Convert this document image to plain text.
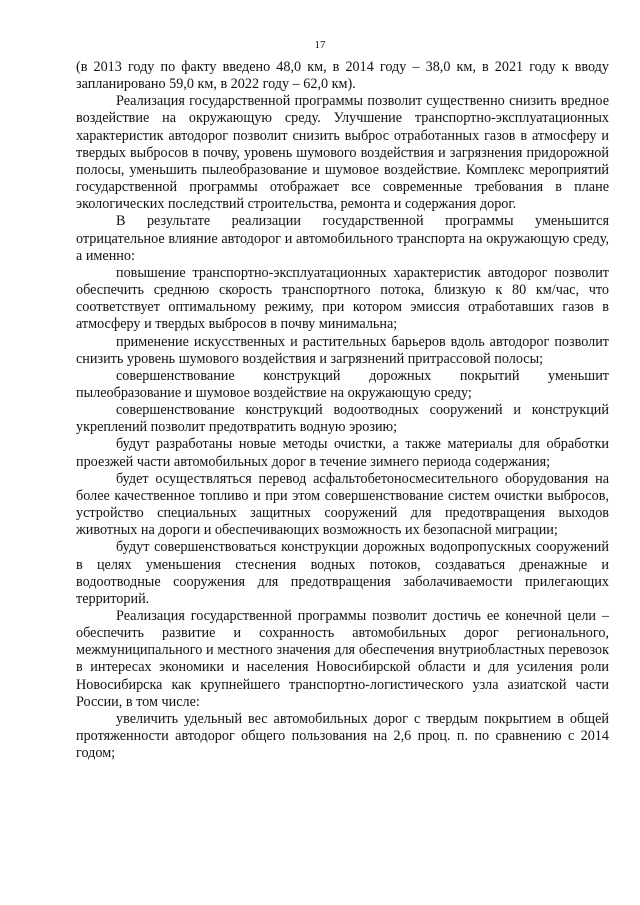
17

(в 2013 году по факту введено 48,0 км, в 2014 году – 38,0 км, в 2021 году к вводу запланировано 59,0 км, в 2022 году – 62,0 км).

Реализация государственной программы позволит существенно снизить вредное воздействие на окружающую среду. Улучшение транспортно-эксплуатационных характеристик автодорог позволит снизить выброс отработанных газов в атмосферу и твердых выбросов в почву, уровень шумового воздействия и загрязнения придорожной полосы, уменьшить пылеобразование и шумовое воздействие. Комплекс мероприятий государственной программы отображает все современные требования в плане экологических последствий строительства, ремонта и содержания дорог.

В результате реализации государственной программы уменьшится отрицательное влияние автодорог и автомобильного транспорта на окружающую среду, а именно:

повышение транспортно-эксплуатационных характеристик автодорог позволит обеспечить среднюю скорость транспортного потока, близкую к 80 км/час, что соответствует оптимальному режиму, при котором эмиссия отработавших газов в атмосферу и твердых выбросов в почву минимальна;

применение искусственных и растительных барьеров вдоль автодорог позволит снизить уровень шумового воздействия и загрязнений притрассовой полосы;

совершенствование конструкций дорожных покрытий уменьшит пылеобразование и шумовое воздействие на окружающую среду;

совершенствование конструкций водоотводных сооружений и конструкций укреплений позволит предотвратить водную эрозию;

будут разработаны новые методы очистки, а также материалы для обработки проезжей части автомобильных дорог в течение зимнего периода содержания;

будет осуществляться перевод асфальтобетоносмесительного оборудования на более качественное топливо и при этом совершенствование систем очистки выбросов, устройство специальных защитных сооружений для предотвращения выходов животных на дороги и обеспечивающих возможность их безопасной миграции;

будут совершенствоваться конструкции дорожных водопропускных сооружений в целях уменьшения стеснения водных потоков, создаваться дренажные и водоотводные сооружения для предотвращения заболачиваемости прилегающих территорий.

Реализация государственной программы позволит достичь ее конечной цели – обеспечить развитие и сохранность автомобильных дорог регионального, межмуниципального и местного значения для обеспечения внутриобластных перевозок в интересах экономики и населения Новосибирской области и для усиления роли Новосибирска как крупнейшего транспортно-логистического узла азиатской части России, в том числе:

увеличить удельный вес автомобильных дорог с твердым покрытием в общей протяженности автодорог общего пользования на 2,6 проц. п. по сравнению с 2014 годом;
